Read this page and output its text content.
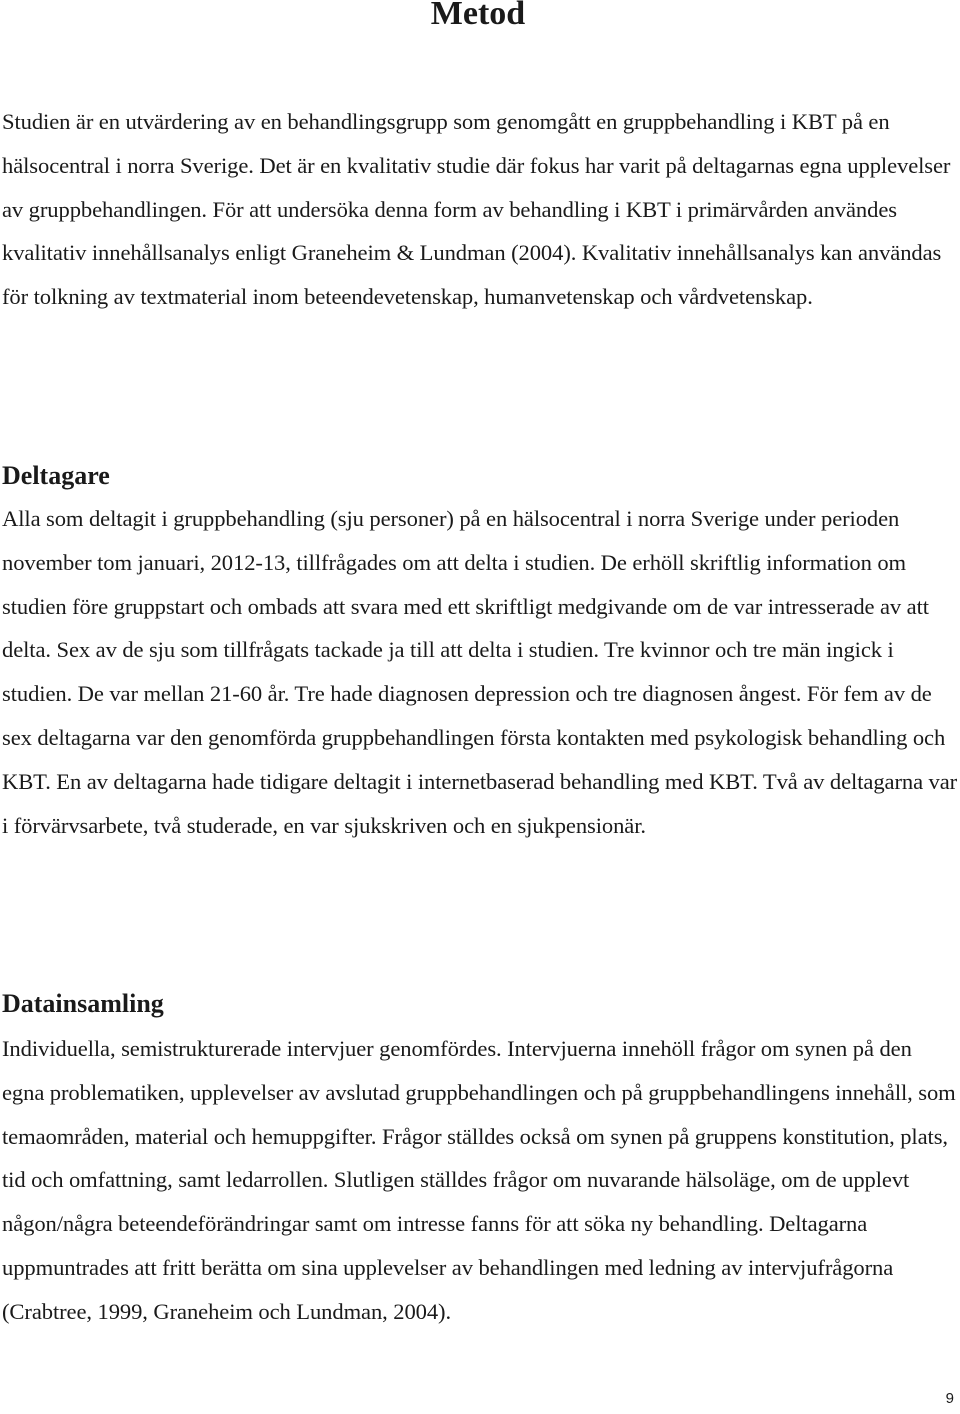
Metod

Studien är en utvärdering av en behandlingsgrupp som genomgått en gruppbehandling i KBT på en hälsocentral i norra Sverige. Det är en kvalitativ studie där fokus har varit på deltagarnas egna upplevelser av gruppbehandlingen. För att undersöka denna form av behandling i KBT i primärvården användes kvalitativ innehållsanalys enligt Graneheim & Lundman (2004). Kvalitativ innehållsanalys kan användas för tolkning av textmaterial inom beteendevetenskap, humanvetenskap och vårdvetenskap.

Deltagare

Alla som deltagit i gruppbehandling (sju personer) på en hälsocentral i norra Sverige under perioden november tom januari, 2012-13, tillfrågades om att delta i studien. De erhöll skriftlig information om studien före gruppstart och ombads att svara med ett skriftligt medgivande om de var intresserade av att delta. Sex av de sju som tillfrågats tackade ja till att delta i studien. Tre kvinnor och tre män ingick i studien. De var mellan 21-60 år. Tre hade diagnosen depression och tre diagnosen ångest. För fem av de sex deltagarna var den genomförda gruppbehandlingen första kontakten med psykologisk behandling och KBT. En av deltagarna hade tidigare deltagit i internetbaserad behandling med KBT. Två av deltagarna var i förvärvsarbete, två studerade, en var sjukskriven och en sjukpensionär.

Datainsamling

Individuella, semistrukturerade intervjuer genomfördes. Intervjuerna innehöll frågor om synen på den egna problematiken, upplevelser av avslutad gruppbehandlingen och på gruppbehandlingens innehåll, som temaområden, material och hemuppgifter. Frågor ställdes också om synen på gruppens konstitution, plats, tid och omfattning, samt ledarrollen. Slutligen ställdes frågor om nuvarande hälsoläge, om de upplevt någon/några beteendeförändringar samt om intresse fanns för att söka ny behandling. Deltagarna uppmuntrades att fritt berätta om sina upplevelser av behandlingen med ledning av intervjufrågorna (Crabtree, 1999, Graneheim och Lundman, 2004).

9
